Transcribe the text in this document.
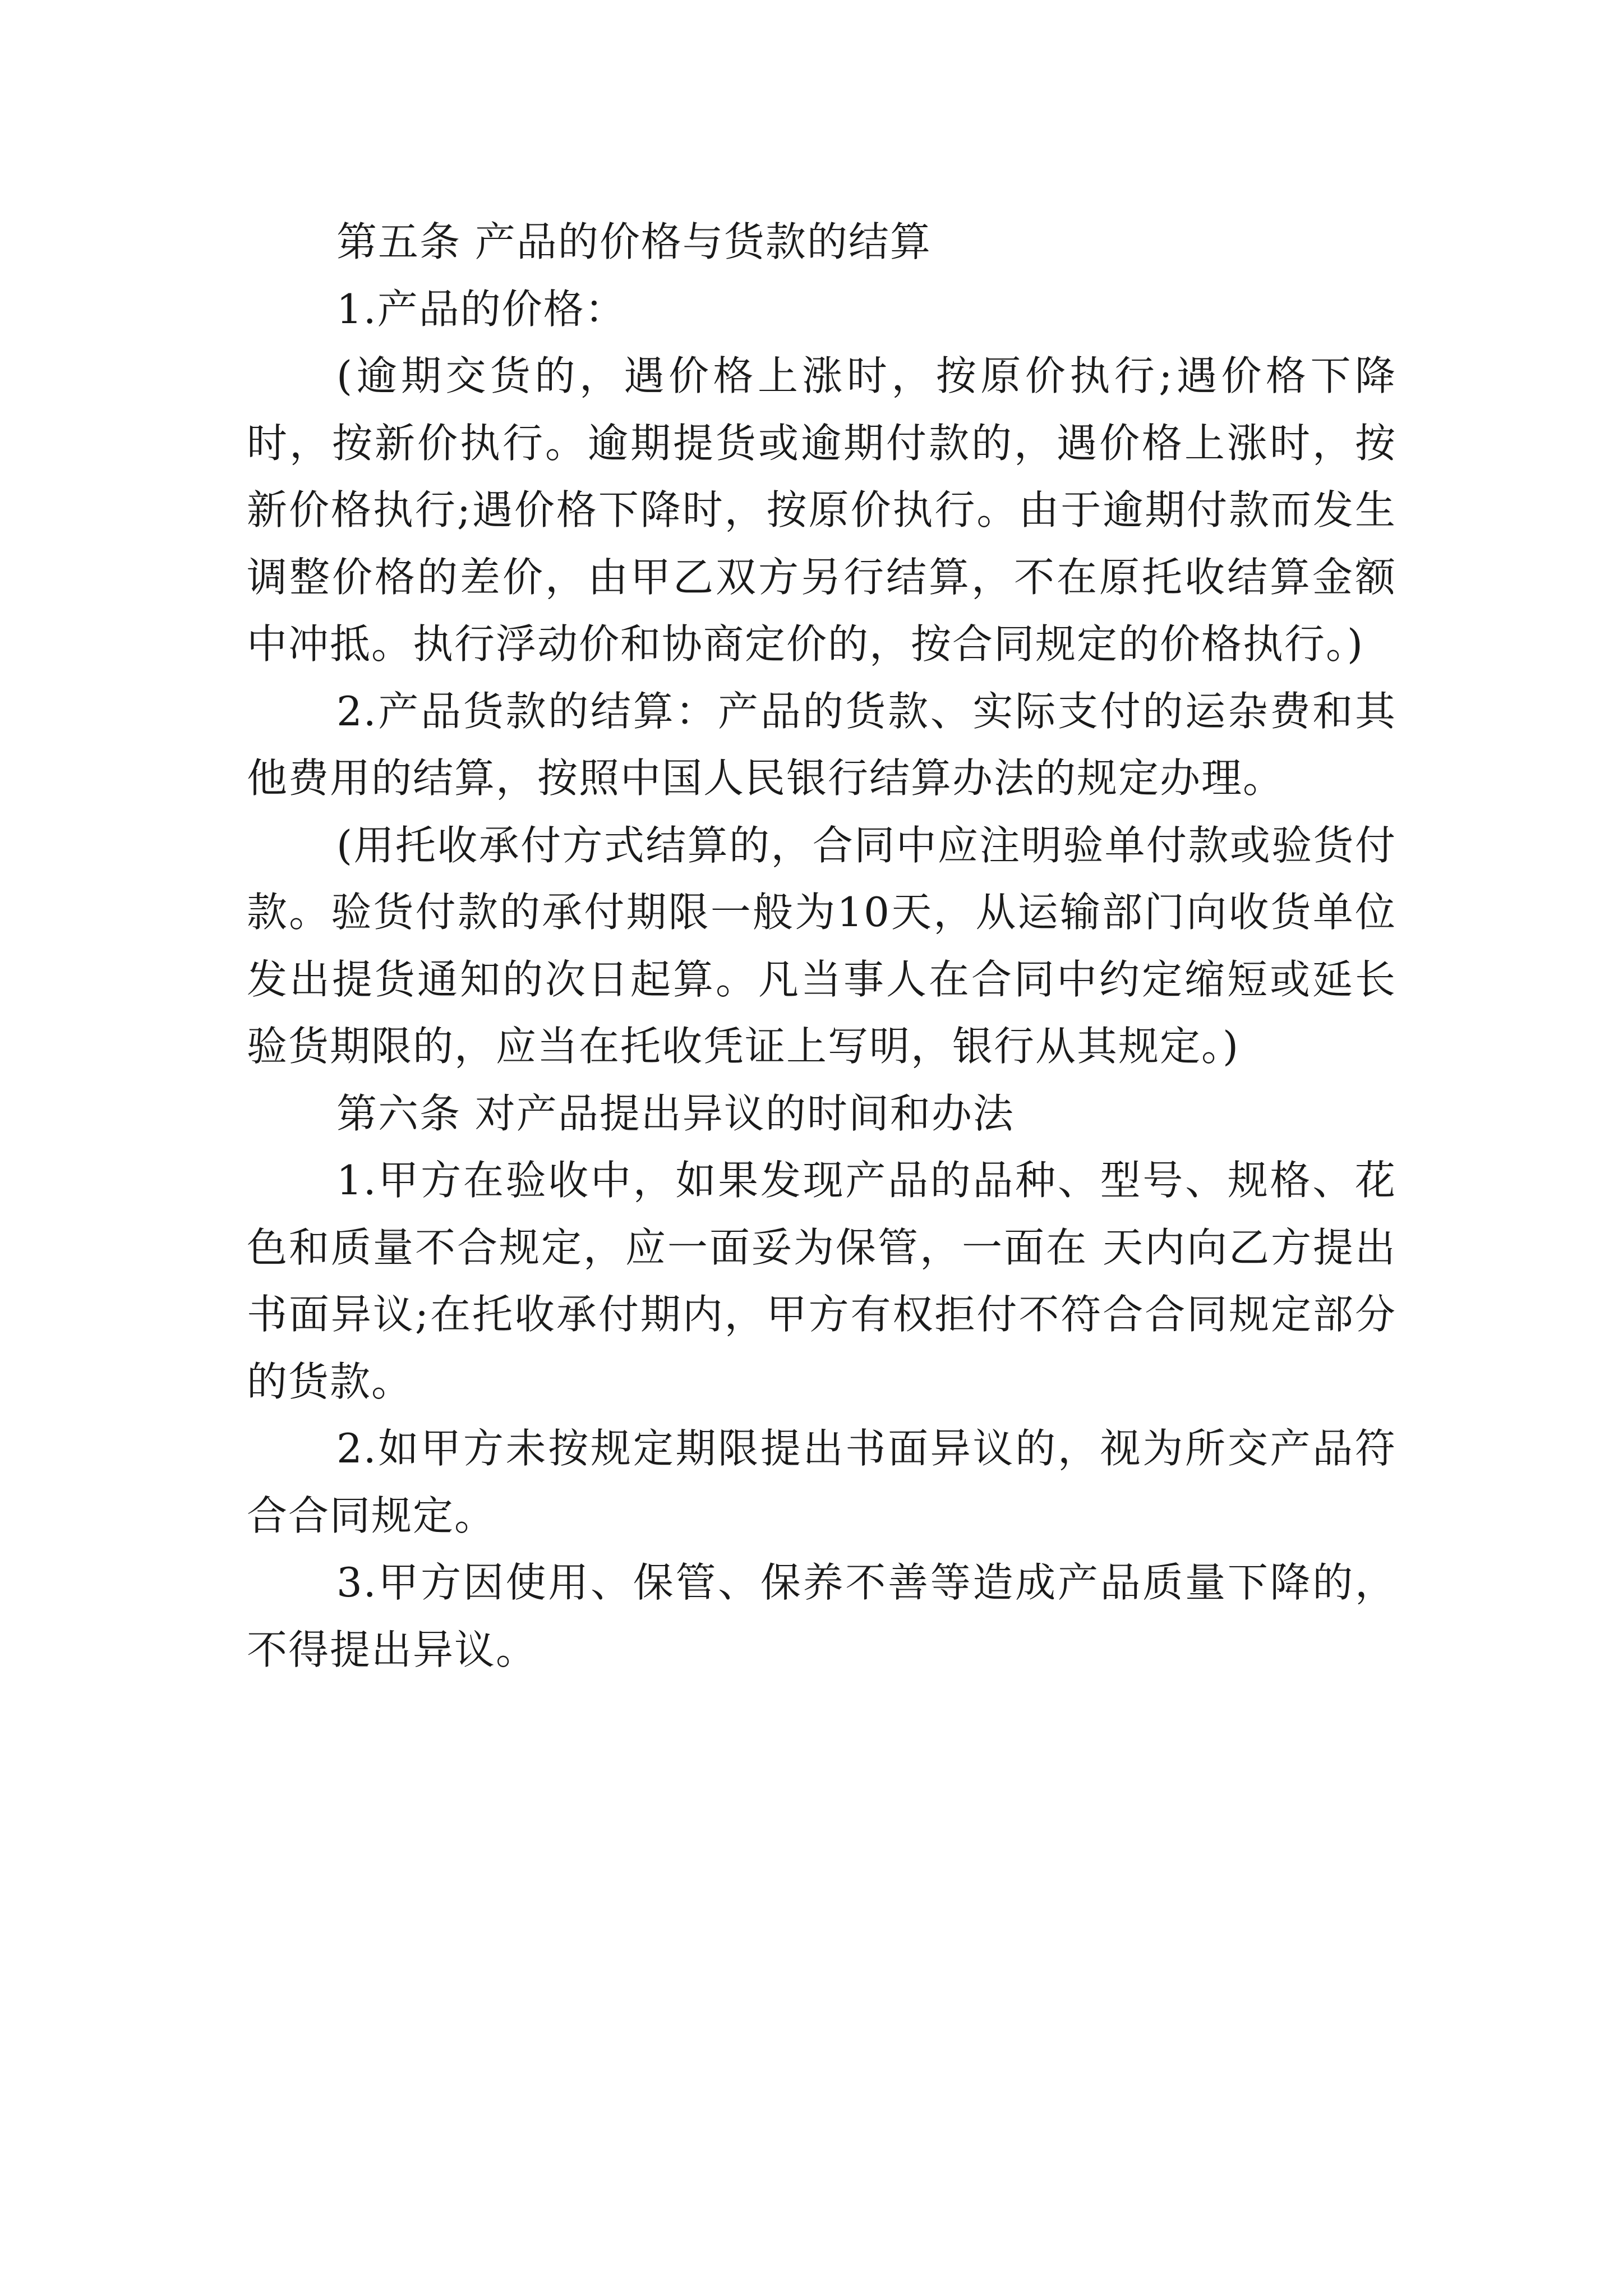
第五条 产品的价格与货款的结算

1.产品的价格：

(逾期交货的，遇价格上涨时，按原价执行;遇价格下降时，按新价执行。逾期提货或逾期付款的，遇价格上涨时，按新价格执行;遇价格下降时，按原价执行。由于逾期付款而发生调整价格的差价，由甲乙双方另行结算，不在原托收结算金额中冲抵。执行浮动价和协商定价的，按合同规定的价格执行。)

2.产品货款的结算：产品的货款、实际支付的运杂费和其他费用的结算，按照中国人民银行结算办法的规定办理。

(用托收承付方式结算的，合同中应注明验单付款或验货付款。验货付款的承付期限一般为10天，从运输部门向收货单位发出提货通知的次日起算。凡当事人在合同中约定缩短或延长验货期限的，应当在托收凭证上写明，银行从其规定。)

第六条 对产品提出异议的时间和办法

1.甲方在验收中，如果发现产品的品种、型号、规格、花色和质量不合规定，应一面妥为保管，一面在 天内向乙方提出书面异议;在托收承付期内，甲方有权拒付不符合合同规定部分的货款。

2.如甲方未按规定期限提出书面异议的，视为所交产品符合合同规定。

3.甲方因使用、保管、保养不善等造成产品质量下降的，不得提出异议。
